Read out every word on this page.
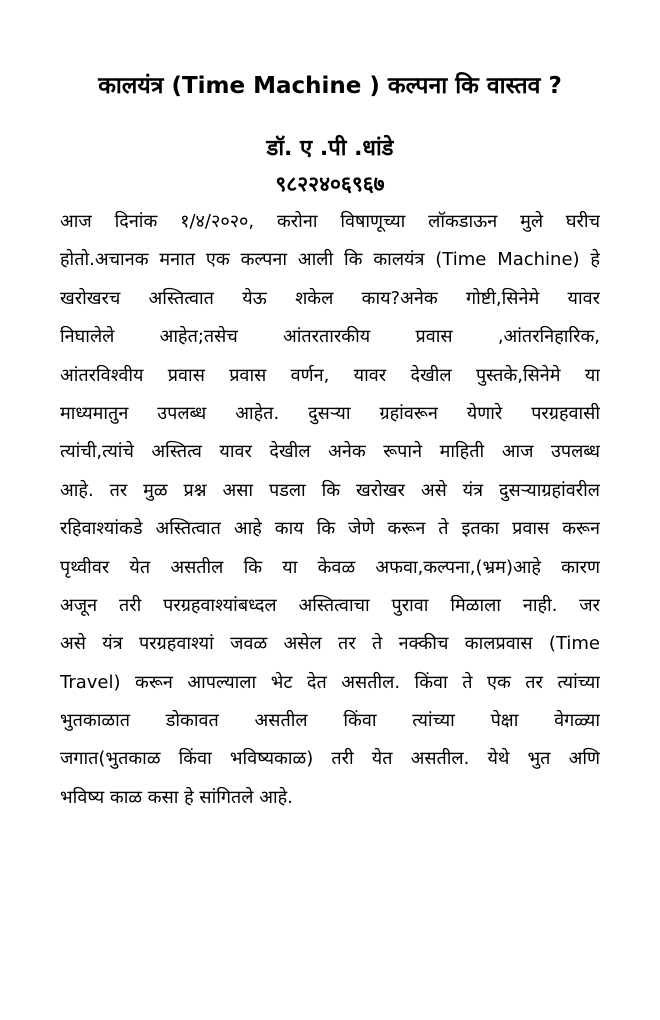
कालयंत्र (Time Machine ) कल्पना कि वास्तव ?
डॉ. ए .पी .धांडे
९८२२४०६९६७
आज दिनांक १/४/२०२०, करोना विषाणूच्या लॉकडाऊन मुले घरीच
होतो.अचानक मनात एक कल्पना आली कि कालयंत्र (Time Machine) हे
खरोखरच अस्तित्वात येऊ शकेल काय?अनेक गोष्टी,सिनेमे यावर
निघालेले आहेत;तसेच आंतरतारकीय प्रवास ,आंतरनिहारिक,
आंतरविश्वीय प्रवास प्रवास वर्णन, यावर देखील पुस्तके,सिनेमे या
माध्यमातुन उपलब्ध आहेत. दुसऱ्या ग्रहांवरून येणारे परग्रहवासी
त्यांची,त्यांचे अस्तित्व यावर देखील अनेक रूपाने माहिती आज उपलब्ध
आहे. तर मुळ प्रश्न असा पडला कि खरोखर असे यंत्र दुसऱ्याग्रहांवरील
रहिवाश्यांकडे अस्तित्वात आहे काय कि जेणे करून ते इतका प्रवास करून
पृथ्वीवर येत असतील कि या केवळ अफवा,कल्पना,(भ्रम)आहे कारण
अजून तरी परग्रहवाश्यांबध्दल अस्तित्वाचा पुरावा मिळाला नाही. जर
असे यंत्र परग्रहवाश्यां जवळ असेल तर ते नक्कीच कालप्रवास (Time
Travel) करून आपल्याला भेट देत असतील. किंवा ते एक तर त्यांच्या
भुतकाळात डोकावत असतील किंवा त्यांच्या पेक्षा वेगळ्या
जगात(भुतकाळ किंवा भविष्यकाळ) तरी येत असतील. येथे भुत अणि
भविष्य काळ कसा हे सांगितले आहे.
